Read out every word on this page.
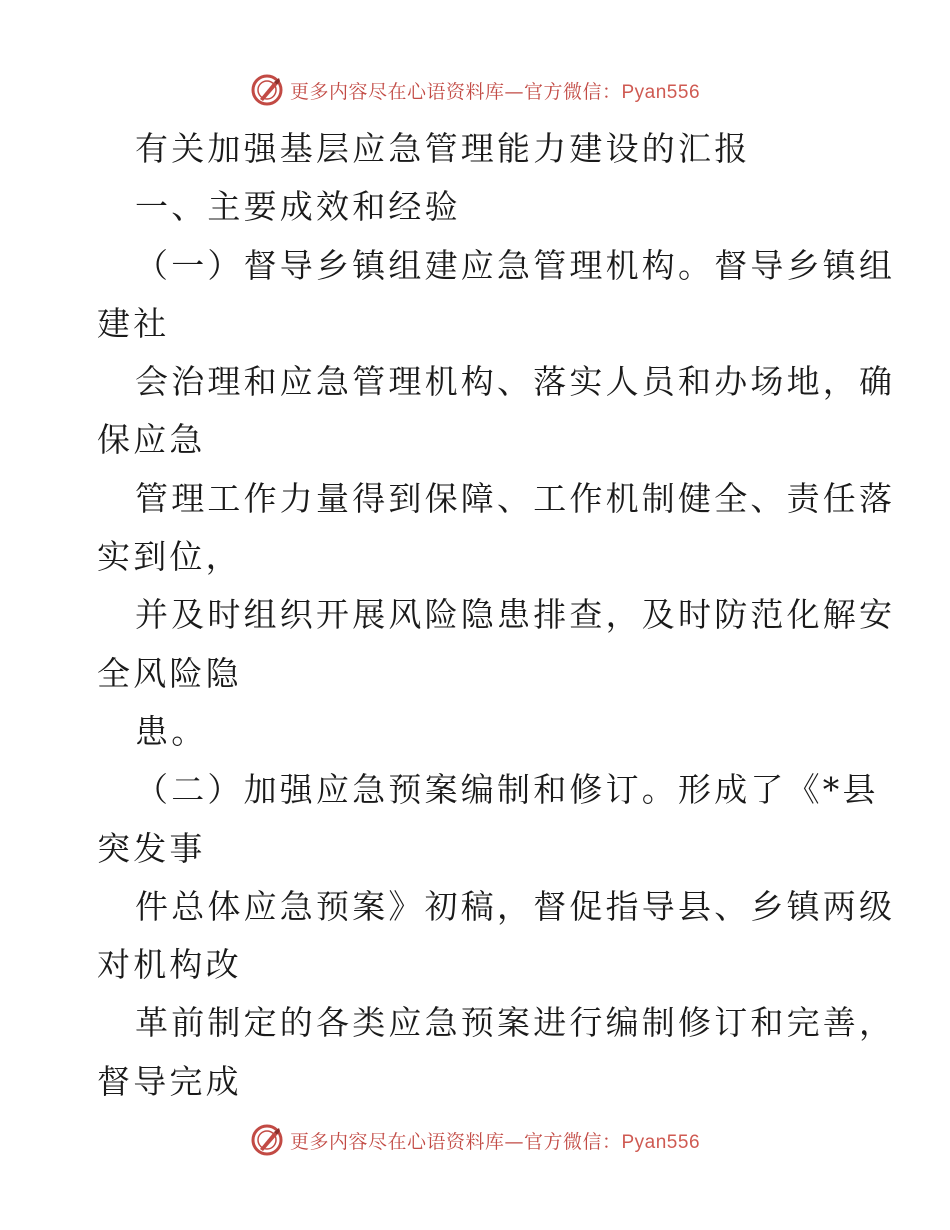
更多内容尽在心语资料库—官方微信：Pyan556
有关加强基层应急管理能力建设的汇报
一、主要成效和经验
（一）督导乡镇组建应急管理机构。督导乡镇组
建社
会治理和应急管理机构、落实人员和办场地，确
保应急
管理工作力量得到保障、工作机制健全、责任落
实到位，
并及时组织开展风险隐患排查，及时防范化解安
全风险隐
患。
（二）加强应急预案编制和修订。形成了《*县
突发事
件总体应急预案》初稿，督促指导县、乡镇两级
对机构改
革前制定的各类应急预案进行编制修订和完善，
督导完成
更多内容尽在心语资料库—官方微信：Pyan556
